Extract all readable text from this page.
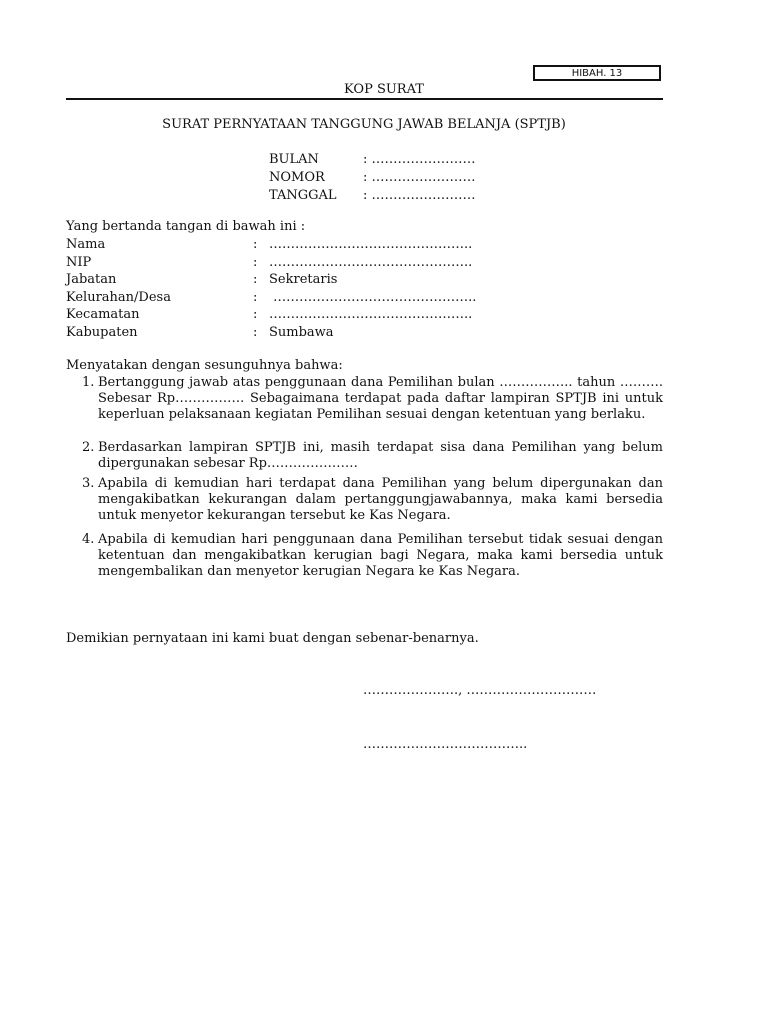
HIBAH. 13
KOP SURAT
SURAT PERNYATAAN TANGGUNG JAWAB BELANJA (SPTJB)
BULAN	: ……………………
NOMOR	: ……………………
TANGGAL : ……………………
Yang bertanda tangan di bawah ini :
Nama	: ………………………………………..
NIP	: ………………………………………..
Jabatan	: Sekretaris
Kelurahan/Desa	: ………………………………………..
Kecamatan	: ………………………………………..
Kabupaten	: Sumbawa
Menyatakan dengan sesunguhnya bahwa:
1. Bertanggung jawab atas penggunaan dana Pemilihan bulan …………….. tahun ………. Sebesar Rp……………. Sebagaimana terdapat pada daftar lampiran SPTJB ini untuk keperluan pelaksanaan kegiatan Pemilihan sesuai dengan ketentuan yang berlaku.
2. Berdasarkan lampiran SPTJB ini, masih terdapat sisa dana Pemilihan yang belum dipergunakan sebesar Rp…………………
3. Apabila di kemudian hari terdapat dana Pemilihan yang belum dipergunakan dan mengakibatkan kekurangan dalam pertanggungjawabannya, maka kami bersedia untuk menyetor kekurangan tersebut ke Kas Negara.
4. Apabila di kemudian hari penggunaan dana Pemilihan tersebut tidak sesuai dengan ketentuan dan mengakibatkan kerugian bagi Negara, maka kami bersedia untuk mengembalikan dan menyetor kerugian Negara ke Kas Negara.
Demikian pernyataan ini kami buat dengan sebenar-benarnya.
…………………., …………………………
………………………………..
